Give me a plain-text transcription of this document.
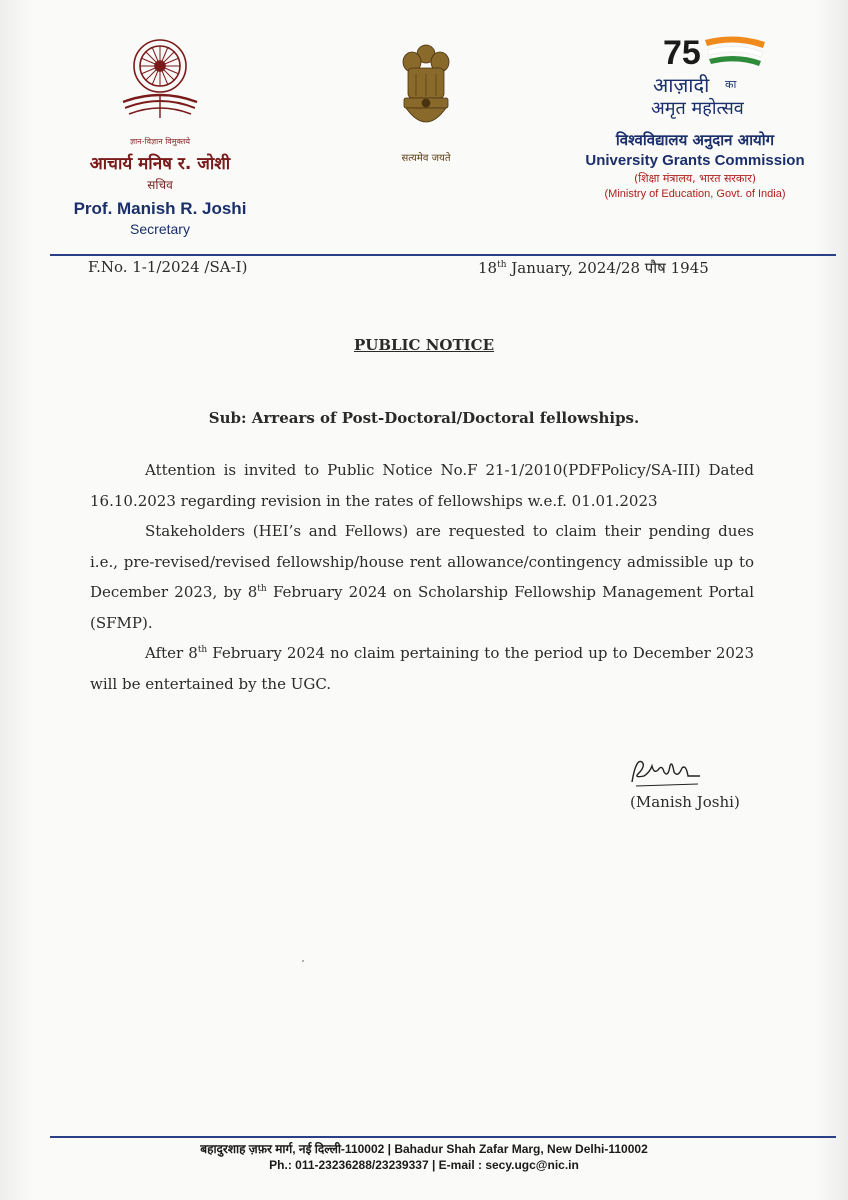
ज्ञान-विज्ञान विमुक्तये
आचार्य मनिष र. जोशी
सचिव
Prof. Manish R. Joshi
Secretary
सत्यमेव जयते
75
आज़ादी का
अमृत महोत्सव
विश्वविद्यालय अनुदान आयोग
University Grants Commission
(शिक्षा मंत्रालय, भारत सरकार)
(Ministry of Education, Govt. of India)
F.No. 1-1/2024 /SA-I)	18th January, 2024/28 पौष 1945
PUBLIC NOTICE
Sub: Arrears of Post-Doctoral/Doctoral fellowships.

Attention is invited to Public Notice No.F 21-1/2010(PDFPolicy/SA-III) Dated 16.10.2023 regarding revision in the rates of fellowships w.e.f. 01.01.2023

Stakeholders (HEI’s and Fellows) are requested to claim their pending dues i.e., pre-revised/revised fellowship/house rent allowance/contingency admissible up to December 2023, by 8th February 2024 on Scholarship Fellowship Management Portal (SFMP).

After 8th February 2024 no claim pertaining to the period up to December 2023 will be entertained by the UGC.

(Manish Joshi)
बहादुरशाह ज़फ़र मार्ग, नई दिल्ली-110002 | Bahadur Shah Zafar Marg, New Delhi-110002
Ph.: 011-23236288/23239337 | E-mail : secy.ugc@nic.in
